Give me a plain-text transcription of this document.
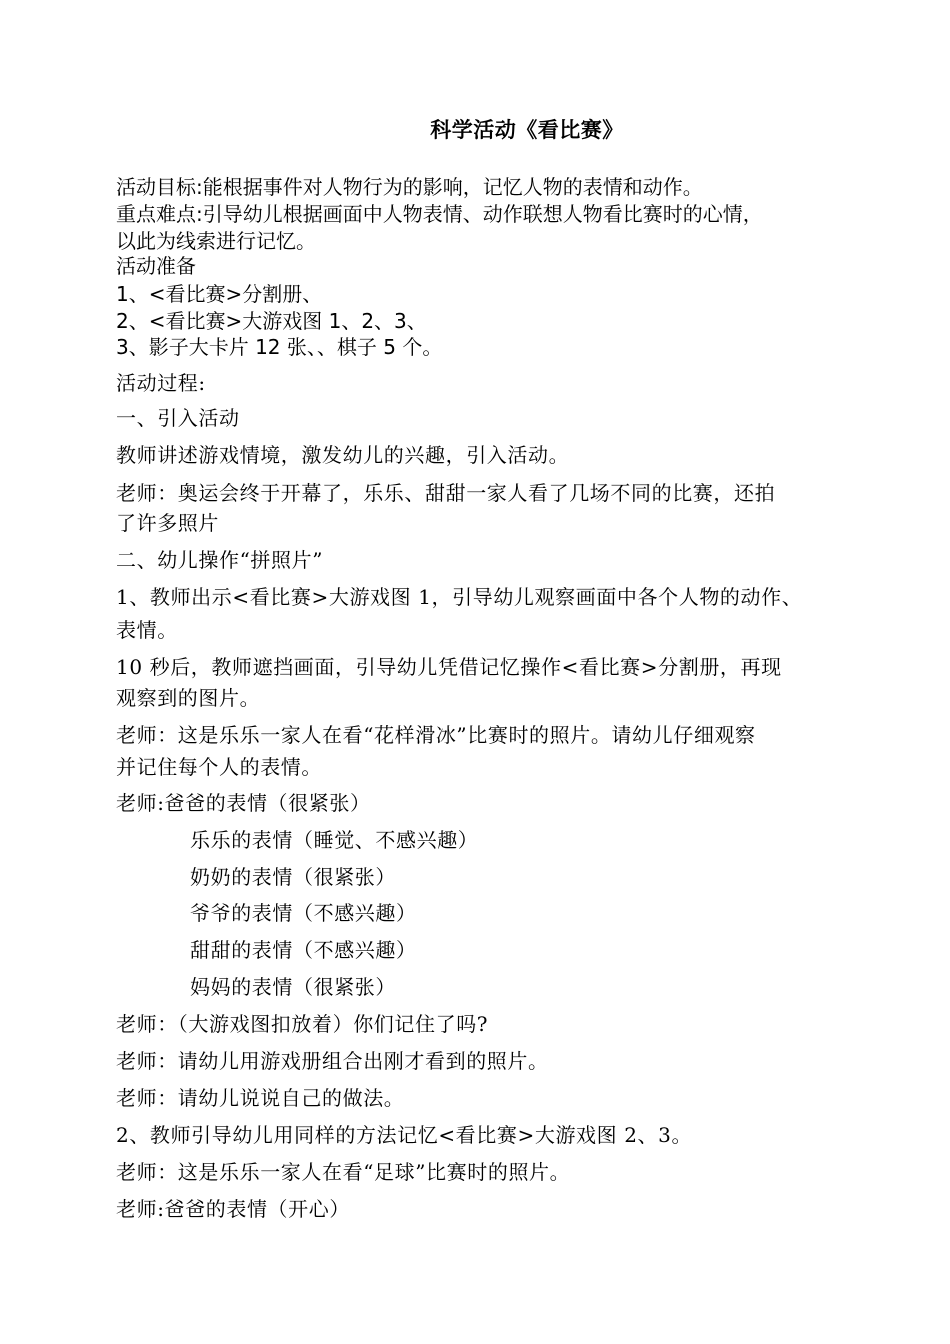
科学活动《看比赛》
活动目标:能根据事件对人物行为的影响，记忆人物的表情和动作。
重点难点:引导幼儿根据画面中人物表情、动作联想人物看比赛时的心情，
以此为线索进行记忆。
活动准备
1、<看比赛>分割册、
2、<看比赛>大游戏图 1、2、3、
3、影子大卡片 12 张、、棋子 5 个。
活动过程:
一、引入活动
教师讲述游戏情境，激发幼儿的兴趣，引入活动。
老师：奥运会终于开幕了，乐乐、甜甜一家人看了几场不同的比赛，还拍
了许多照片
二、幼儿操作“拼照片”
1、教师出示<看比赛>大游戏图 1，引导幼儿观察画面中各个人物的动作、
表情。
10 秒后，教师遮挡画面，引导幼儿凭借记忆操作<看比赛>分割册，再现
观察到的图片。
老师：这是乐乐一家人在看“花样滑冰”比赛时的照片。请幼儿仔细观察
并记住每个人的表情。
老师:爸爸的表情（很紧张）
乐乐的表情（睡觉、不感兴趣）
奶奶的表情（很紧张）
爷爷的表情（不感兴趣）
甜甜的表情（不感兴趣）
妈妈的表情（很紧张）
老师：（大游戏图扣放着）你们记住了吗?
老师：请幼儿用游戏册组合出刚才看到的照片。
老师：请幼儿说说自己的做法。
2、教师引导幼儿用同样的方法记忆<看比赛>大游戏图 2、3。
老师：这是乐乐一家人在看“足球”比赛时的照片。
老师:爸爸的表情（开心）
